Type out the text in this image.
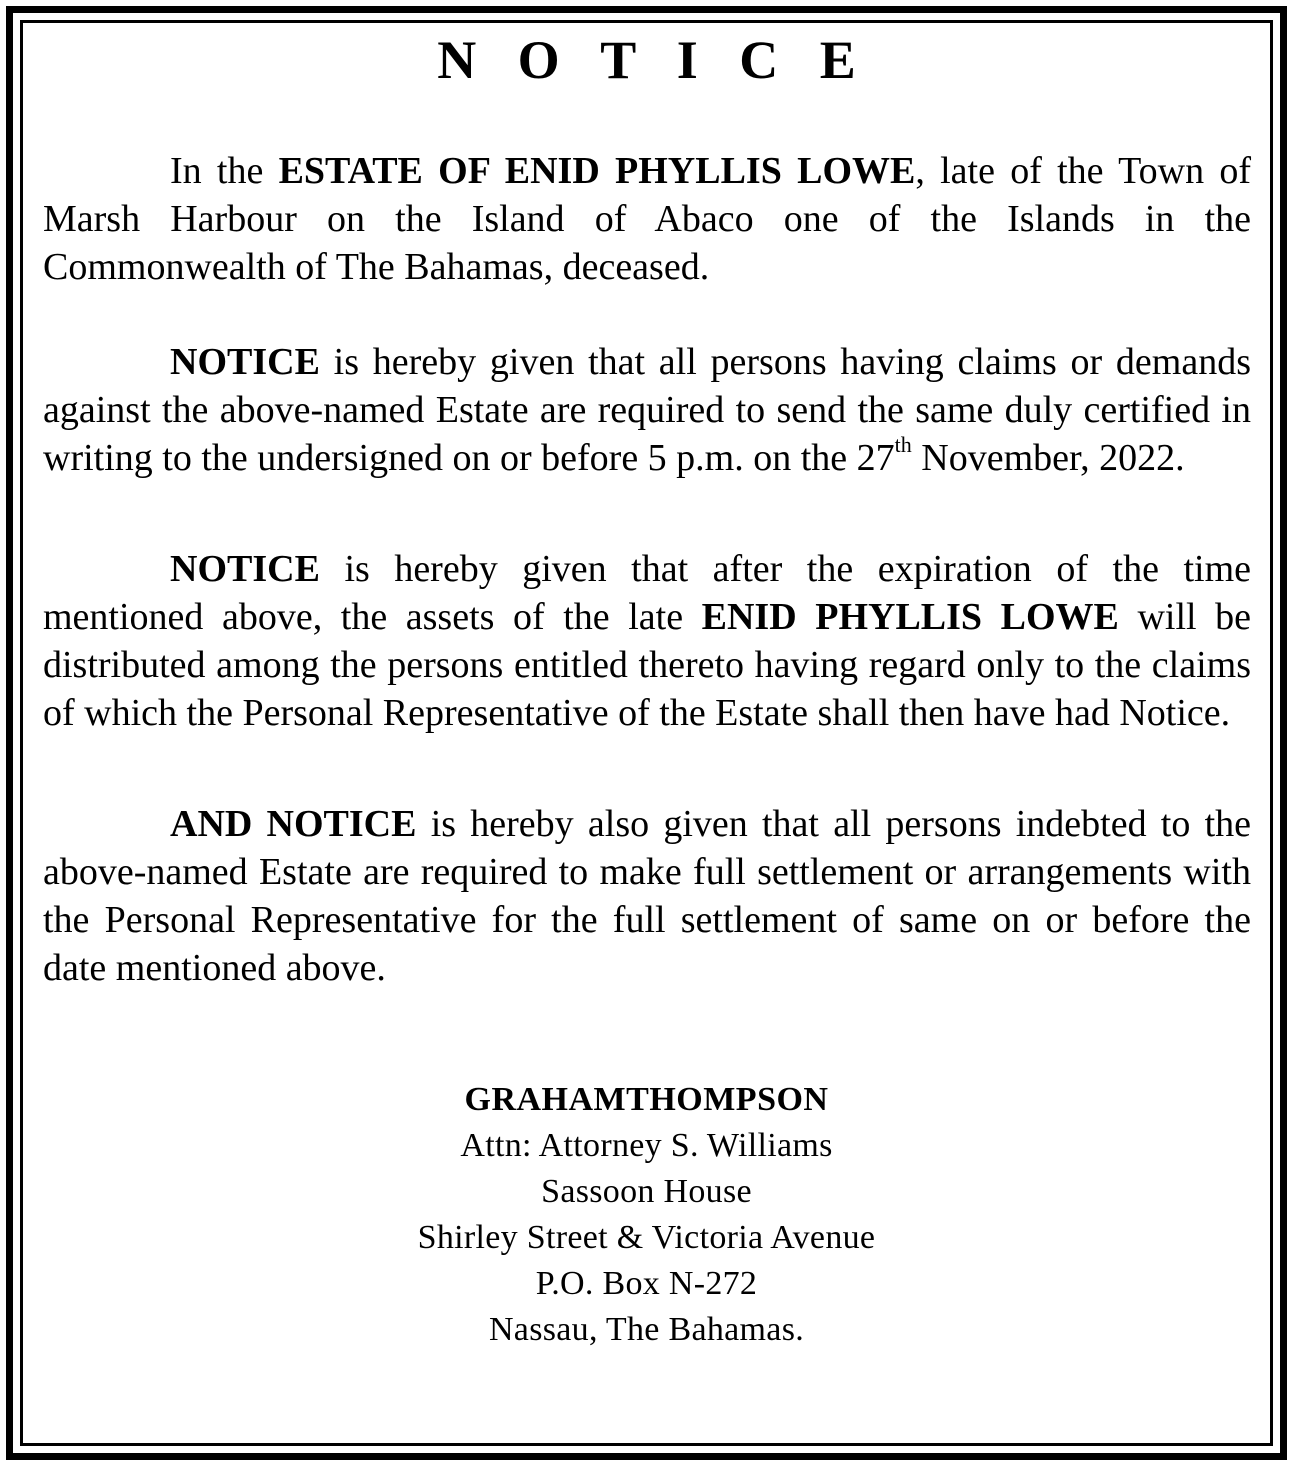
N O T I C E

In the ESTATE OF ENID PHYLLIS LOWE, late of the Town of Marsh Harbour on the Island of Abaco one of the Islands in the Commonwealth of The Bahamas, deceased.

NOTICE is hereby given that all persons having claims or demands against the above-named Estate are required to send the same duly certified in writing to the undersigned on or before 5 p.m. on the 27th November, 2022.

NOTICE is hereby given that after the expiration of the time mentioned above, the assets of the late ENID PHYLLIS LOWE will be distributed among the persons entitled thereto having regard only to the claims of which the Personal Representative of the Estate shall then have had Notice.

AND NOTICE is hereby also given that all persons indebted to the above-named Estate are required to make full settlement or arrangements with the Personal Representative for the full settlement of same on or before the date mentioned above.

GRAHAMTHOMPSON
Attn: Attorney S. Williams
Sassoon House
Shirley Street & Victoria Avenue
P.O. Box N-272
Nassau, The Bahamas.
